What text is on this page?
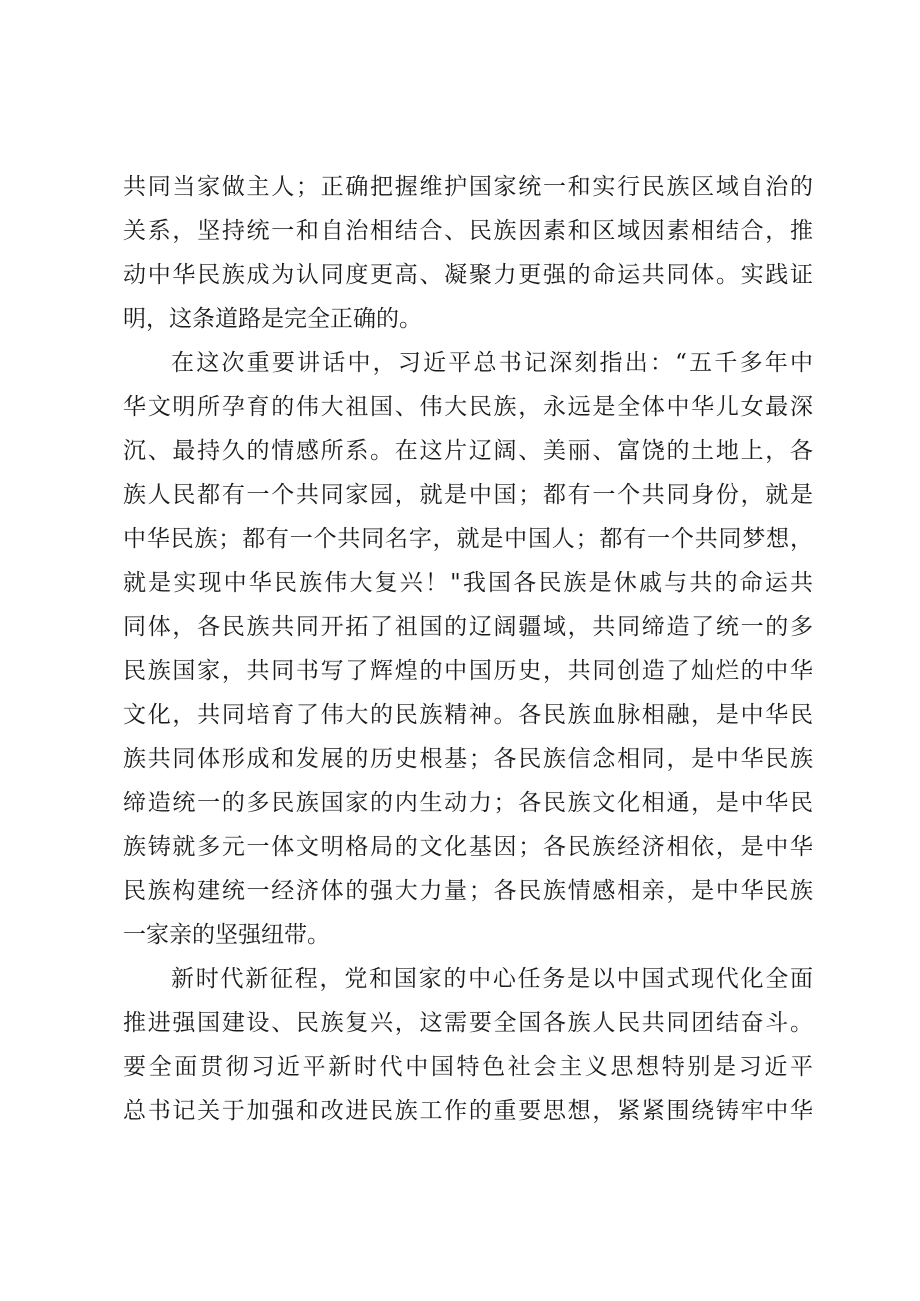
共同当家做主人；正确把握维护国家统一和实行民族区域自治的
关系，坚持统一和自治相结合、民族因素和区域因素相结合，推
动中华民族成为认同度更高、凝聚力更强的命运共同体。实践证
明，这条道路是完全正确的。
在这次重要讲话中，习近平总书记深刻指出：“五千多年中
华文明所孕育的伟大祖国、伟大民族，永远是全体中华儿女最深
沉、最持久的情感所系。在这片辽阔、美丽、富饶的土地上，各
族人民都有一个共同家园，就是中国；都有一个共同身份，就是
中华民族；都有一个共同名字，就是中国人；都有一个共同梦想，
就是实现中华民族伟大复兴！"我国各民族是休戚与共的命运共
同体，各民族共同开拓了祖国的辽阔疆域，共同缔造了统一的多
民族国家，共同书写了辉煌的中国历史，共同创造了灿烂的中华
文化，共同培育了伟大的民族精神。各民族血脉相融，是中华民
族共同体形成和发展的历史根基；各民族信念相同，是中华民族
缔造统一的多民族国家的内生动力；各民族文化相通，是中华民
族铸就多元一体文明格局的文化基因；各民族经济相依，是中华
民族构建统一经济体的强大力量；各民族情感相亲，是中华民族
一家亲的坚强纽带。
新时代新征程，党和国家的中心任务是以中国式现代化全面
推进强国建设、民族复兴，这需要全国各族人民共同团结奋斗。
要全面贯彻习近平新时代中国特色社会主义思想特别是习近平
总书记关于加强和改进民族工作的重要思想，紧紧围绕铸牢中华
